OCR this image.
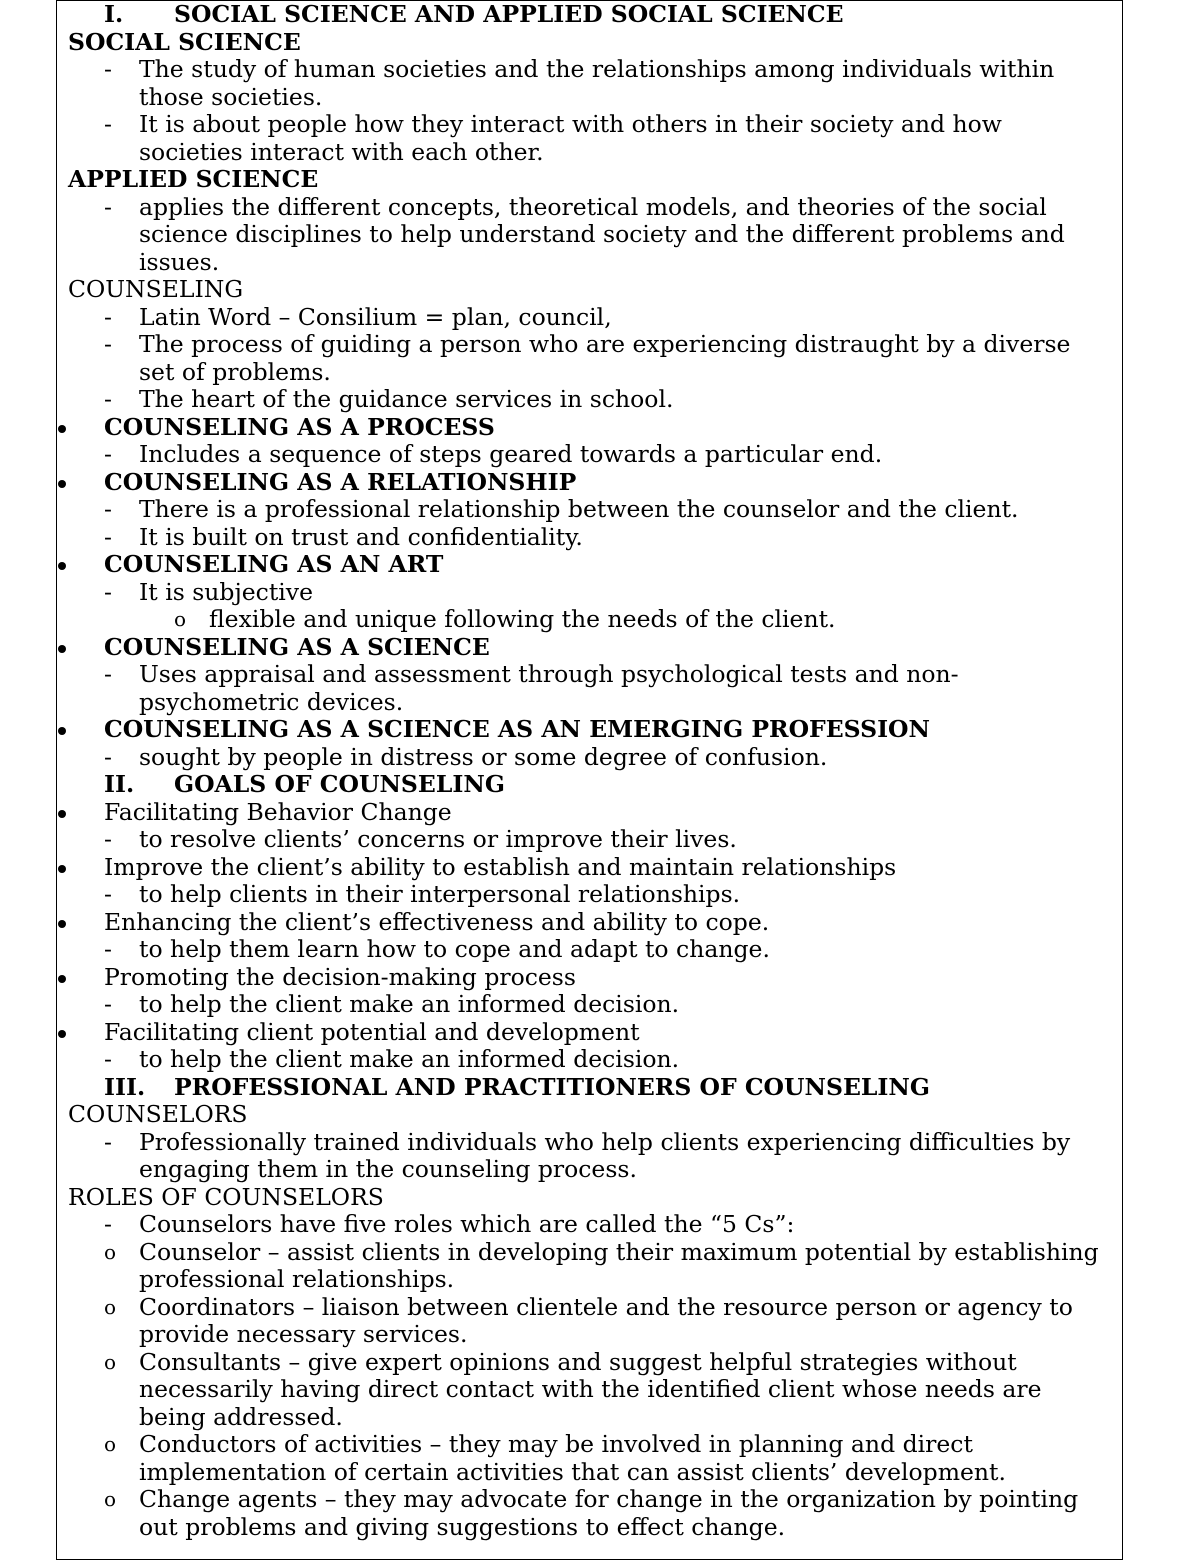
I. SOCIAL SCIENCE AND APPLIED SOCIAL SCIENCE
SOCIAL SCIENCE
- The study of human societies and the relationships among individuals within those societies.
- It is about people how they interact with others in their society and how societies interact with each other.
APPLIED SCIENCE
- applies the different concepts, theoretical models, and theories of the social science disciplines to help understand society and the different problems and issues.
COUNSELING
- Latin Word – Consilium = plan, council,
- The process of guiding a person who are experiencing distraught by a diverse set of problems.
- The heart of the guidance services in school.
COUNSELING AS A PROCESS
- Includes a sequence of steps geared towards a particular end.
COUNSELING AS A RELATIONSHIP
- There is a professional relationship between the counselor and the client.
- It is built on trust and confidentiality.
COUNSELING AS AN ART
- It is subjective
o flexible and unique following the needs of the client.
COUNSELING AS A SCIENCE
- Uses appraisal and assessment through psychological tests and non-psychometric devices.
COUNSELING AS A SCIENCE AS AN EMERGING PROFESSION
- sought by people in distress or some degree of confusion.
II. GOALS OF COUNSELING
Facilitating Behavior Change
- to resolve clients’ concerns or improve their lives.
Improve the client’s ability to establish and maintain relationships
- to help clients in their interpersonal relationships.
Enhancing the client’s effectiveness and ability to cope.
- to help them learn how to cope and adapt to change.
Promoting the decision-making process
- to help the client make an informed decision.
Facilitating client potential and development
- to help the client make an informed decision.
III. PROFESSIONAL AND PRACTITIONERS OF COUNSELING
COUNSELORS
- Professionally trained individuals who help clients experiencing difficulties by engaging them in the counseling process.
ROLES OF COUNSELORS
- Counselors have five roles which are called the “5 Cs”:
o Counselor – assist clients in developing their maximum potential by establishing professional relationships.
o Coordinators – liaison between clientele and the resource person or agency to provide necessary services.
o Consultants – give expert opinions and suggest helpful strategies without necessarily having direct contact with the identified client whose needs are being addressed.
o Conductors of activities – they may be involved in planning and direct implementation of certain activities that can assist clients’ development.
o Change agents – they may advocate for change in the organization by pointing out problems and giving suggestions to effect change.
